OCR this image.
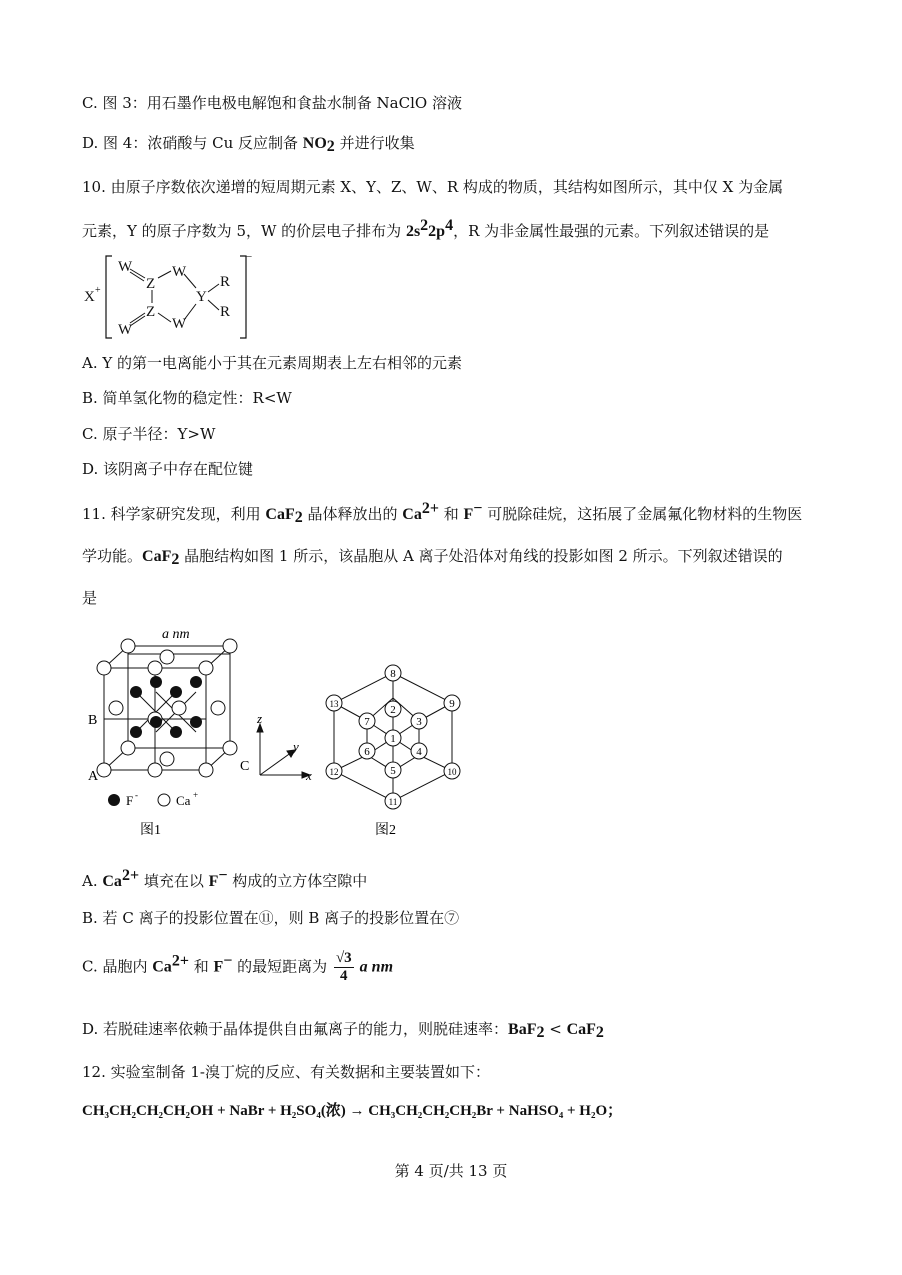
C. 图 3：用石墨作电极电解饱和食盐水制备 NaClO 溶液
D. 图 4：浓硝酸与 Cu 反应制备 $NO_2$ 并进行收集
10. 由原子序数依次递增的短周期元素 X、Y、Z、W、R 构成的物质，其结构如图所示，其中仅 X 为金属
元素，Y 的原子序数为 5，W 的价层电子排布为 $2s^22p^4$，R 为非金属性最强的元素。下列叙述错误的是
X +
−
W
Z
W
Y
R
R
W
Z
W
A. Y 的第一电离能小于其在元素周期表上左右相邻的元素
B. 简单氢化物的稳定性：R<W
C. 原子半径：Y>W
D. 该阴离子中存在配位键
11. 科学家研究发现，利用 CaF$_2$ 晶体释放出的 $Ca^{2+}$ 和 F− 可脱除硅烷，这拓展了金属氟化物材料的生物医
学功能。CaF$_2$ 晶胞结构如图 1 所示，该晶胞从 A 离子处沿体对角线的投影如图 2 所示。下列叙述错误的
是
a nm
A
B
C
z
y
x
F -	Ca +
图1
1
2
3
4
5
6
7
8
9
10
11
12
13
图2
A. $Ca^{2+}$ 填充在以 F− 构成的立方体空隙中
B. 若 C 离子的投影位置在⑪，则 B 离子的投影位置在⑦
C. 晶胞内 $Ca^{2+}$ 和 F− 的最短距离为 $\frac{√3}{4}$ a nm
D. 若脱硅速率依赖于晶体提供自由氟离子的能力，则脱硅速率：BaF$_2$ < CaF$_2$
12. 实验室制备 1-溴丁烷的反应、有关数据和主要装置如下：
CH₃CH₂CH₂CH₂OH + NaBr + H₂SO₄(浓) → CH₃CH₂CH₂CH₂Br + NaHSO₄ + H₂O；
第 4 页/共 13 页
